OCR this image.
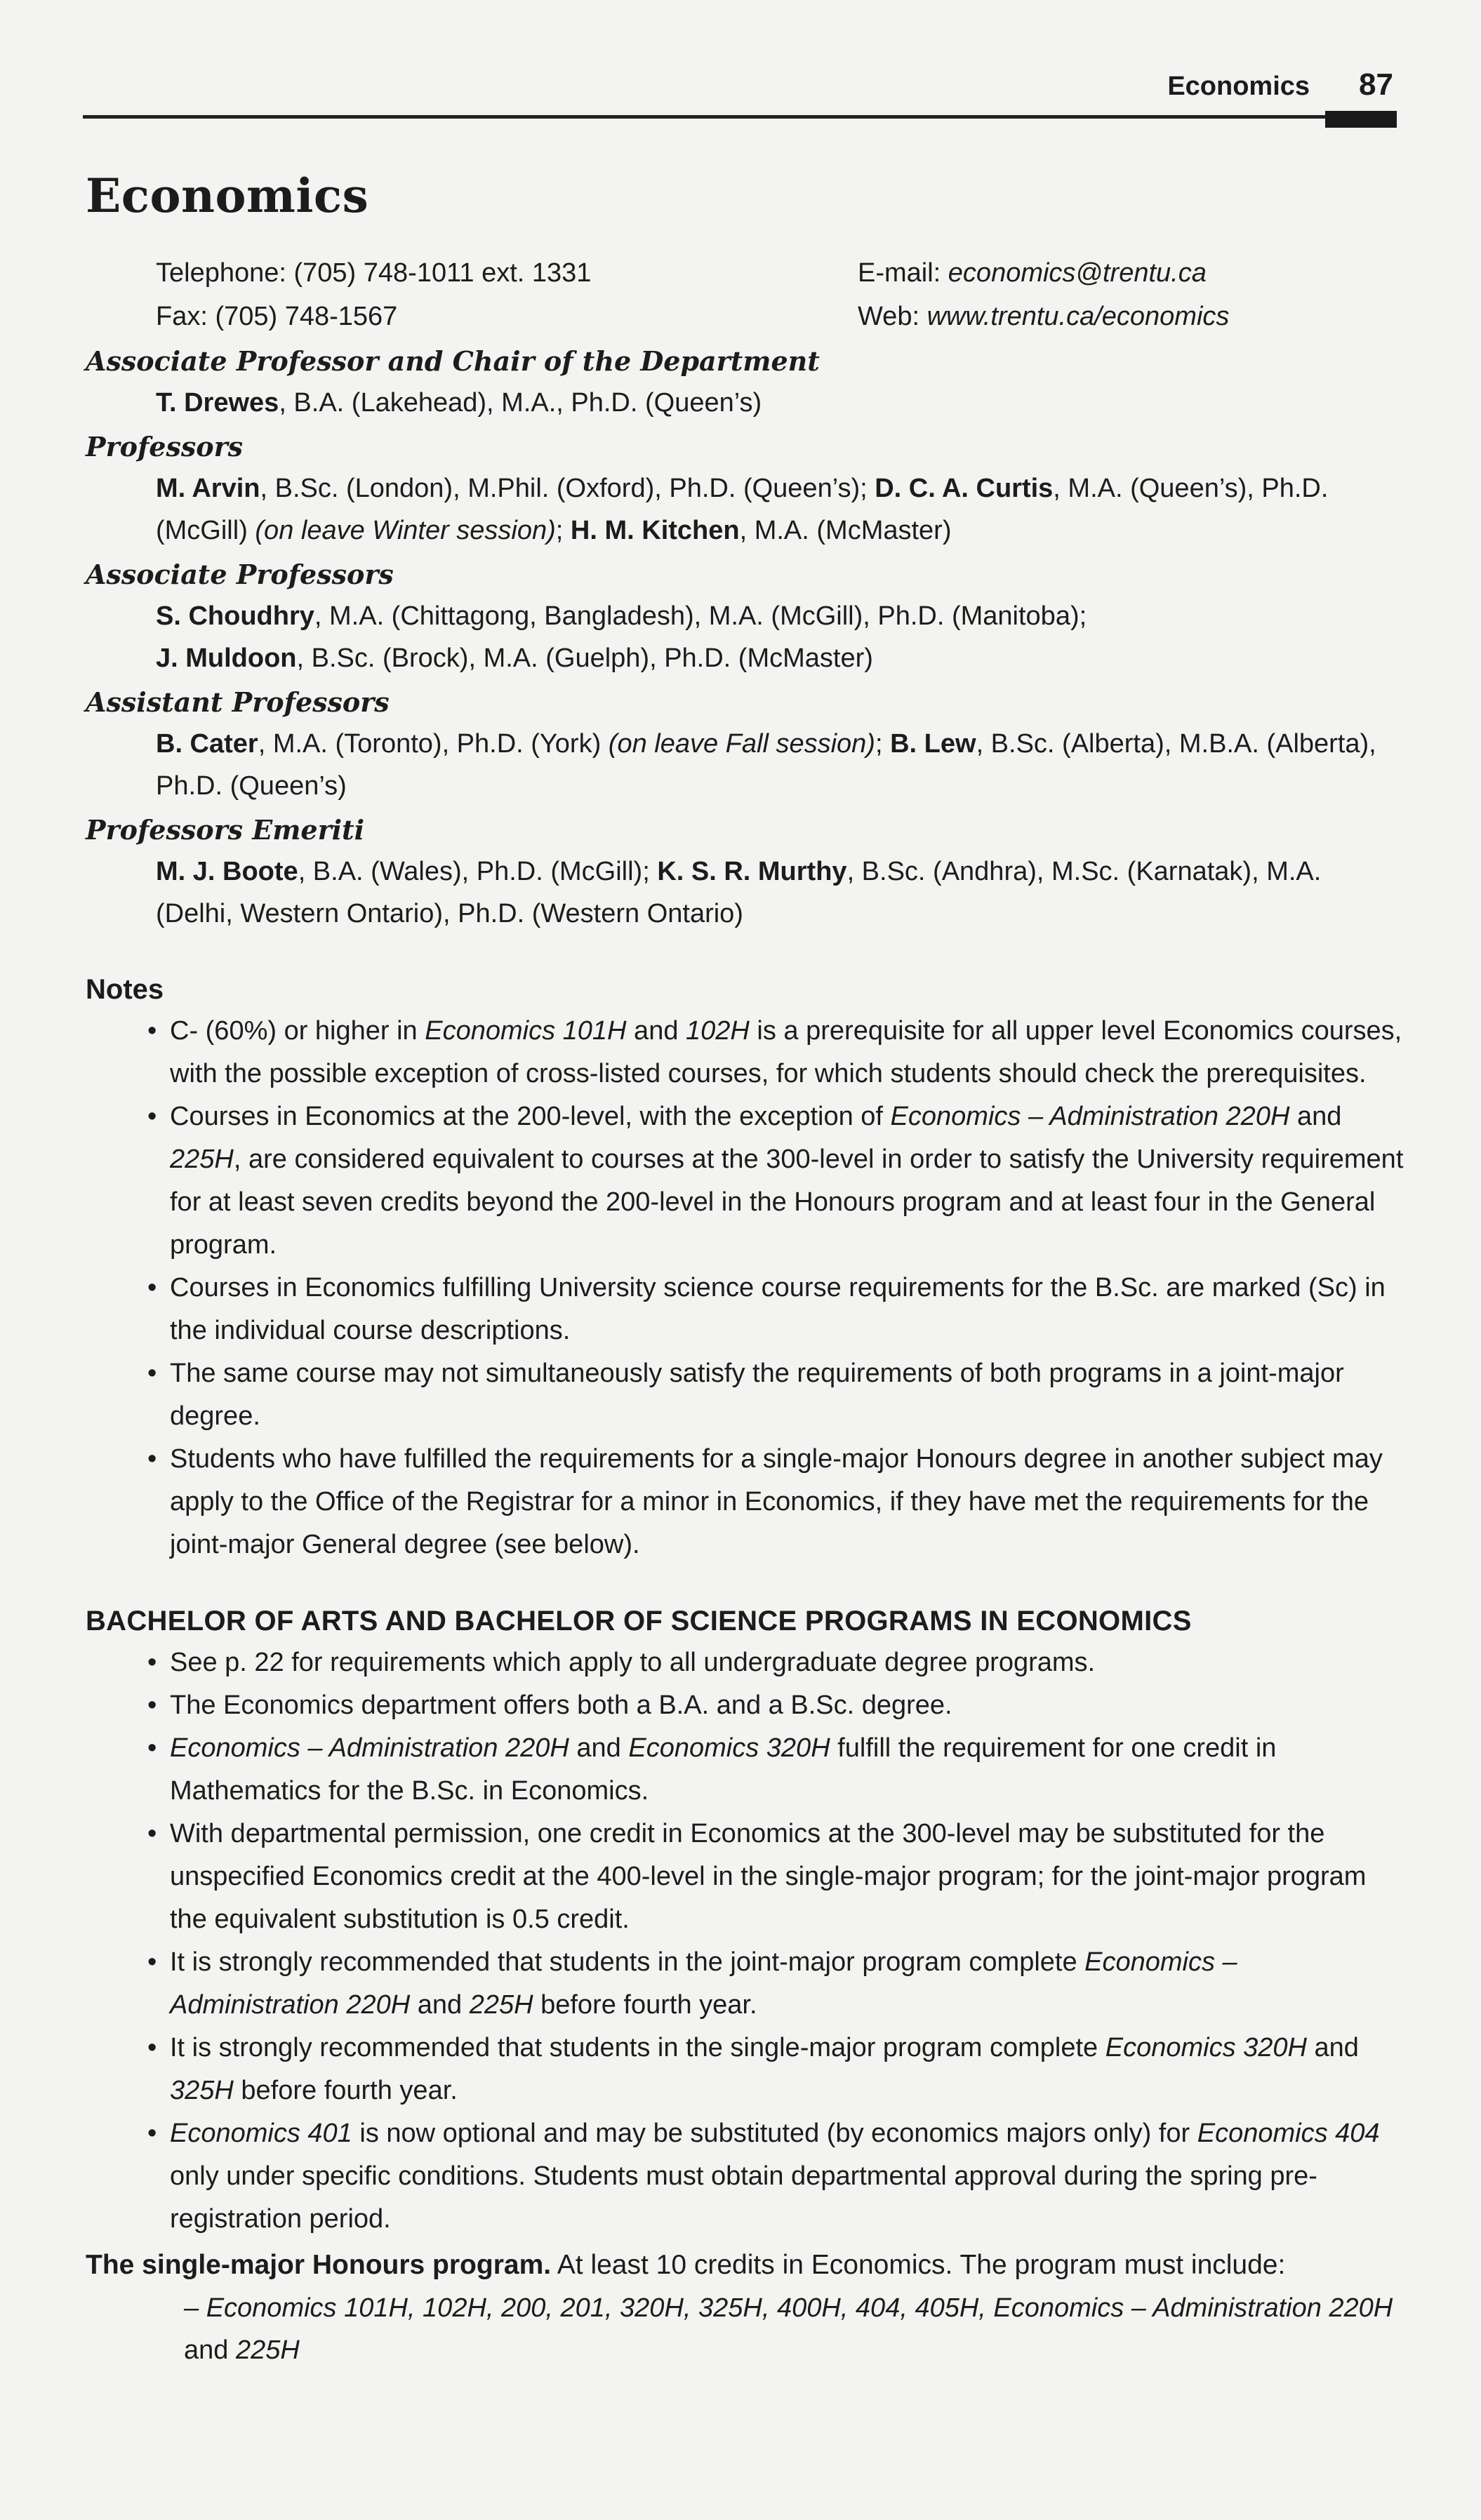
Economics 87
Economics
Telephone: (705) 748-1011 ext. 1331	E-mail: economics@trentu.ca
Fax: (705) 748-1567	Web: www.trentu.ca/economics
Associate Professor and Chair of the Department
T. Drewes, B.A. (Lakehead), M.A., Ph.D. (Queen’s)
Professors
M. Arvin, B.Sc. (London), M.Phil. (Oxford), Ph.D. (Queen’s); D. C. A. Curtis, M.A. (Queen’s), Ph.D. (McGill) (on leave Winter session); H. M. Kitchen, M.A. (McMaster)
Associate Professors
S. Choudhry, M.A. (Chittagong, Bangladesh), M.A. (McGill), Ph.D. (Manitoba);
J. Muldoon, B.Sc. (Brock), M.A. (Guelph), Ph.D. (McMaster)
Assistant Professors
B. Cater, M.A. (Toronto), Ph.D. (York) (on leave Fall session); B. Lew, B.Sc. (Alberta), M.B.A. (Alberta), Ph.D. (Queen’s)
Professors Emeriti
M. J. Boote, B.A. (Wales), Ph.D. (McGill); K. S. R. Murthy, B.Sc. (Andhra), M.Sc. (Karnatak), M.A. (Delhi, Western Ontario), Ph.D. (Western Ontario)
Notes
• C- (60%) or higher in Economics 101H and 102H is a prerequisite for all upper level Economics courses, with the possible exception of cross-listed courses, for which students should check the prerequisites.
• Courses in Economics at the 200-level, with the exception of Economics – Administration 220H and 225H, are considered equivalent to courses at the 300-level in order to satisfy the University requirement for at least seven credits beyond the 200-level in the Honours program and at least four in the General program.
• Courses in Economics fulfilling University science course requirements for the B.Sc. are marked (Sc) in the individual course descriptions.
• The same course may not simultaneously satisfy the requirements of both programs in a joint-major degree.
• Students who have fulfilled the requirements for a single-major Honours degree in another subject may apply to the Office of the Registrar for a minor in Economics, if they have met the requirements for the joint-major General degree (see below).
BACHELOR OF ARTS AND BACHELOR OF SCIENCE PROGRAMS IN ECONOMICS
• See p. 22 for requirements which apply to all undergraduate degree programs.
• The Economics department offers both a B.A. and a B.Sc. degree.
• Economics – Administration 220H and Economics 320H fulfill the requirement for one credit in Mathematics for the B.Sc. in Economics.
• With departmental permission, one credit in Economics at the 300-level may be substituted for the unspecified Economics credit at the 400-level in the single-major program; for the joint-major program the equivalent substitution is 0.5 credit.
• It is strongly recommended that students in the joint-major program complete Economics – Administration 220H and 225H before fourth year.
• It is strongly recommended that students in the single-major program complete Economics 320H and 325H before fourth year.
• Economics 401 is now optional and may be substituted (by economics majors only) for Economics 404 only under specific conditions. Students must obtain departmental approval during the spring pre-registration period.
The single-major Honours program. At least 10 credits in Economics. The program must include:
– Economics 101H, 102H, 200, 201, 320H, 325H, 400H, 404, 405H, Economics – Administration 220H and 225H
